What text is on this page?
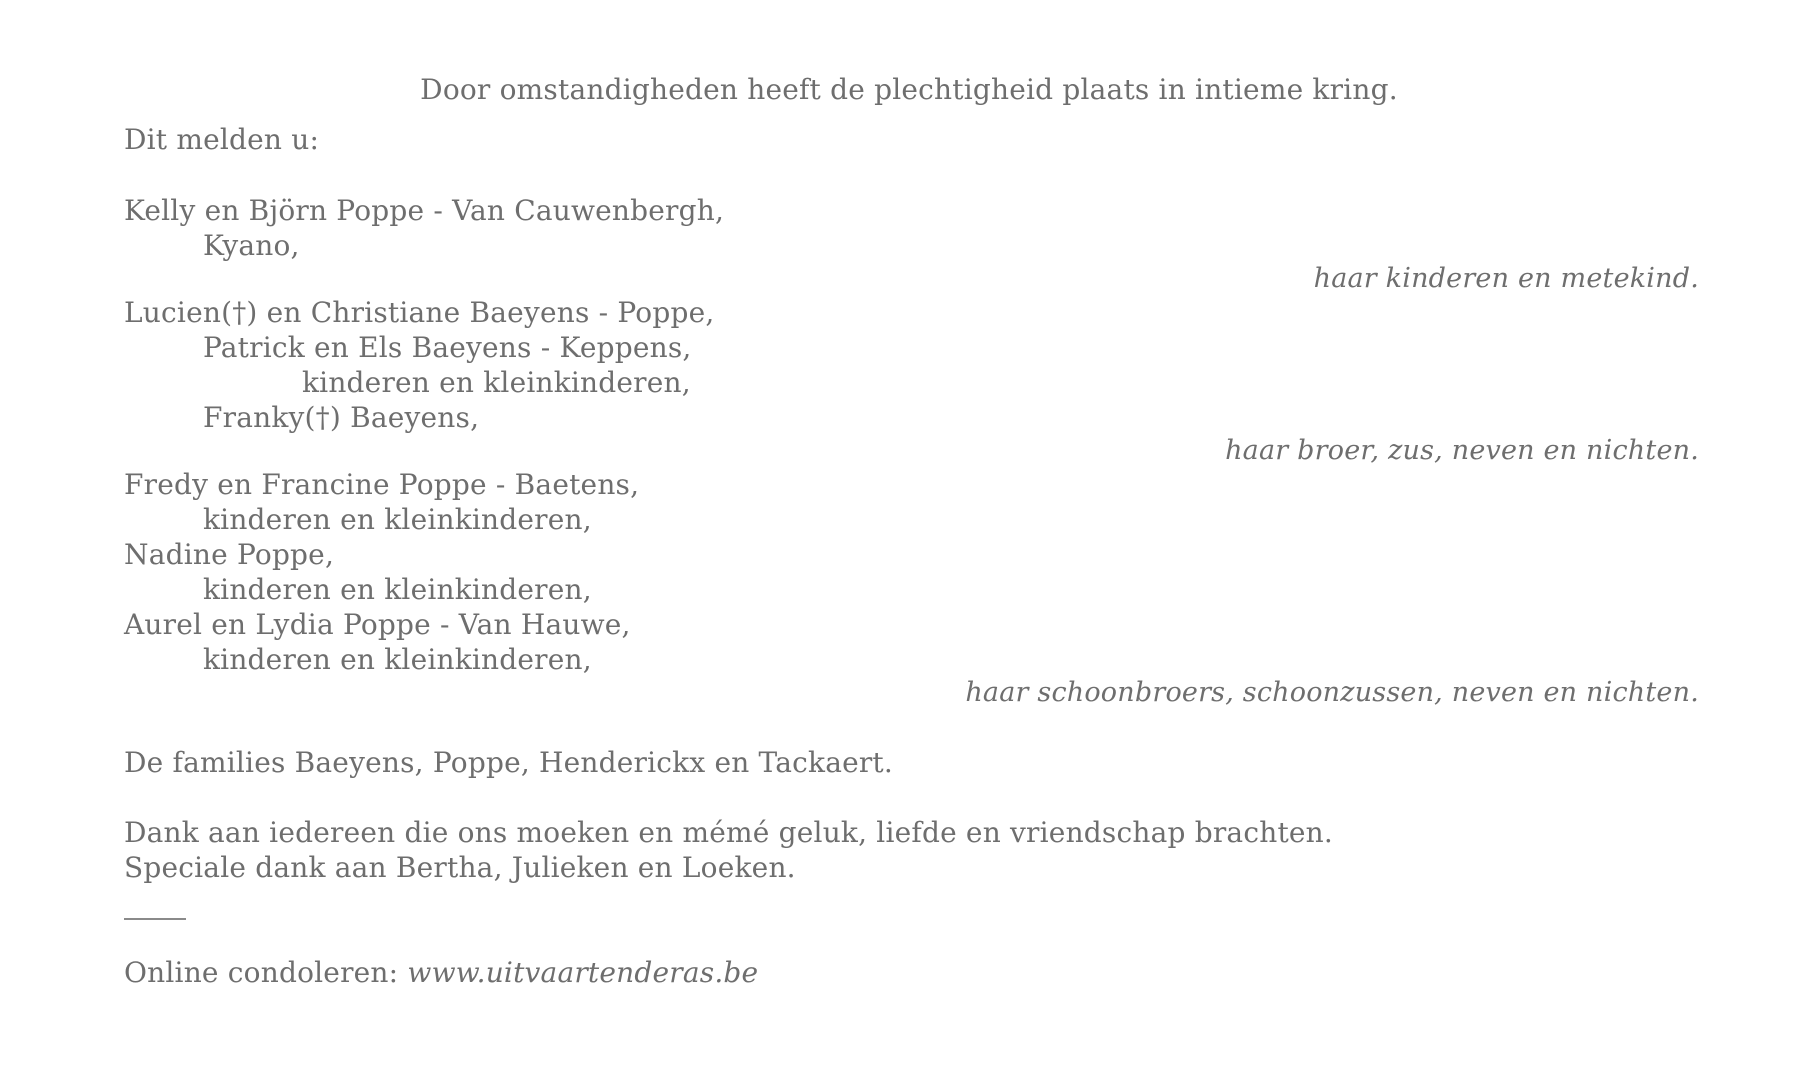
Door omstandigheden heeft de plechtigheid plaats in intieme kring.
Dit melden u:
Kelly en Björn Poppe - Van Cauwenbergh,
Kyano,
haar kinderen en metekind.
Lucien(†) en Christiane Baeyens - Poppe,
Patrick en Els Baeyens - Keppens,
kinderen en kleinkinderen,
Franky(†) Baeyens,
haar broer, zus, neven en nichten.
Fredy en Francine Poppe - Baetens,
kinderen en kleinkinderen,
Nadine Poppe,
kinderen en kleinkinderen,
Aurel en Lydia Poppe - Van Hauwe,
kinderen en kleinkinderen,
haar schoonbroers, schoonzussen, neven en nichten.
De families Baeyens, Poppe, Henderickx en Tackaert.
Dank aan iedereen die ons moeken en mémé geluk, liefde en vriendschap brachten.
Speciale dank aan Bertha, Julieken en Loeken.
Online condoleren: www.uitvaartenderas.be
